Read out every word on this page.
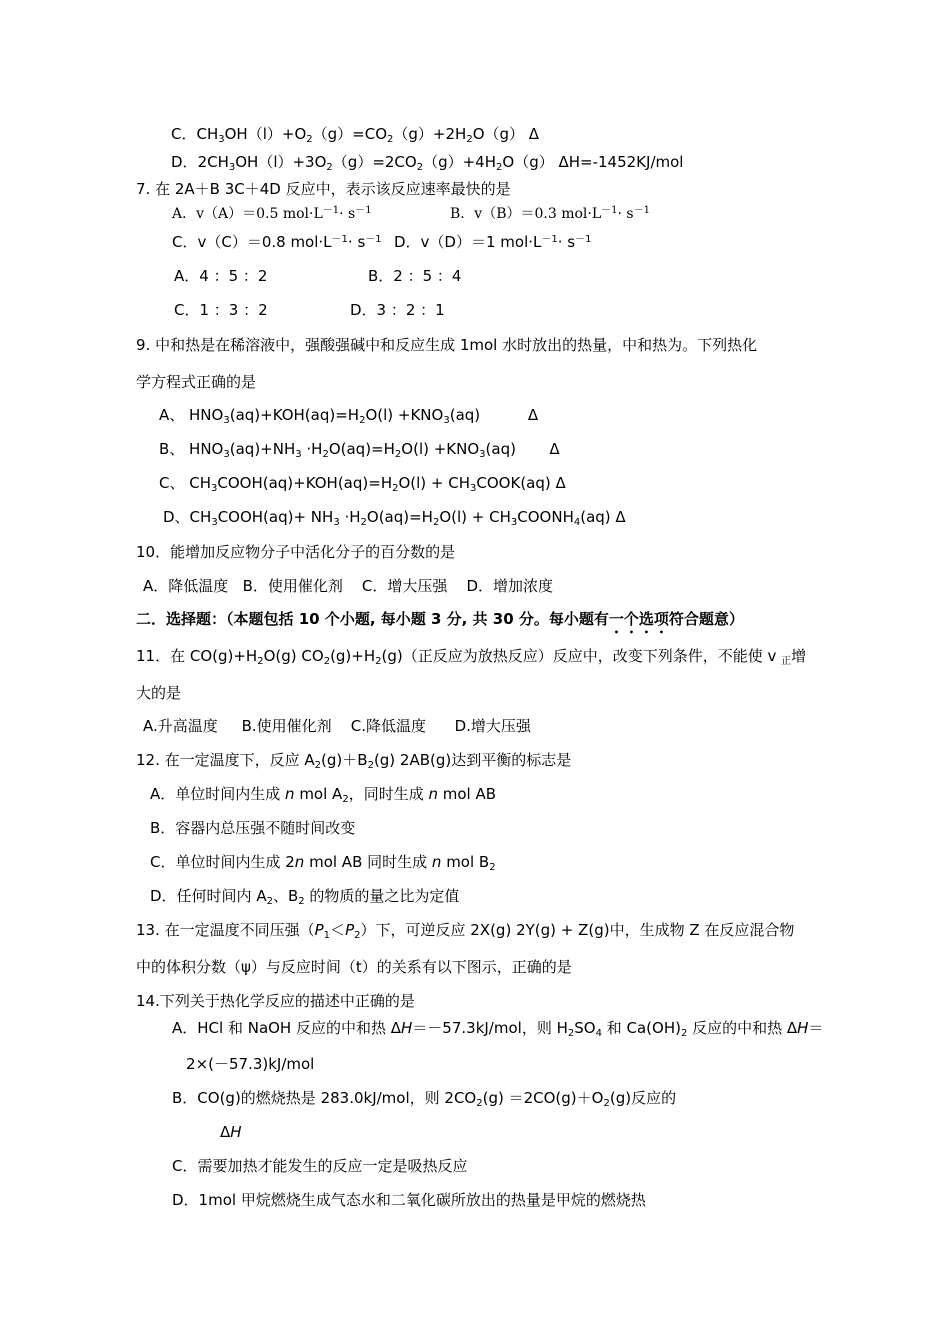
C．$CH_3OH(l)+O_2(g)=CO_2(g)+2H_2O(g)$ Δ
D．$2CH_3OH(l)+3O_2(g)=2CO_2(g)+4H_2O(g)$ ΔH=-1452KJ/mol
7. 在 2A＋B 3C＋4D 反应中，表示该反应速率最快的是
A．v（A）＝0.5 $mol\cdot L^{-1}\cdot s^{-1}$	B．v（B）＝0.3 $mol\cdot L^{-1}\cdot s^{-1}$
C．v（C）＝0.8 $mol\cdot L^{-1}\cdot s^{-1}$ D．v（D）＝1 $mol\cdot L^{-1}\cdot s^{-1}$
A．4 ：5 ：2	B．2 ：5 ：4
C．1 ：3 ：2	D．3 ：2 ：1
9. 中和热是在稀溶液中，强酸强碱中和反应生成 1mol 水时放出的热量，中和热为。下列热化
学方程式正确的是
A、 $HNO_3(aq)+KOH(aq)=H_2O(l) +KNO_3(aq)$          Δ
B、 $HNO_3(aq)+NH_3 \cdot H_2O(aq)=H_2O(l) +KNO_3(aq)$       Δ
C、 $CH_3COOH(aq)+KOH(aq)=H_2O(l)$ + $CH_3COOK(aq)$ Δ
D、$CH_3COOH(aq)+ NH_3 \cdot H_2O(aq)=H_2O(l)$ + $CH_3COONH_4(aq)$ Δ
10．能增加反应物分子中活化分子的百分数的是
A．降低温度   B．使用催化剂    C．增大压强    D．增加浓度
二．选择题：（本题包括 10 个小题, 每小题 3 分, 共 30 分。每小题有一个选项符合题意）
11．在 $CO(g)+H_2O(g)$ $CO_2(g)+H_2(g)$（正反应为放热反应）反应中，改变下列条件，不能使 v $_正$增
大的是
A.升高温度     B.使用催化剂    C.降低温度      D.增大压强
12. 在一定温度下，反应 $A_2(g)+B_2(g)$ 2AB(g)达到平衡的标志是
A．单位时间内生成 n mol $A_2$，同时生成 n mol AB
B．容器内总压强不随时间改变
C．单位时间内生成 2n mol AB 同时生成 n mol $B_2$
D．任何时间内 $A_2$、$B_2$ 的物质的量之比为定值
13. 在一定温度不同压强$(P_1<P_2)$下，可逆反应 2X(g) 2Y(g) + Z(g)中，生成物 Z 在反应混合物
中的体积分数（ψ）与反应时间（t）的关系有以下图示，正确的是
14.下列关于热化学反应的描述中正确的是
A．HCl 和 NaOH 反应的中和热 ΔH＝－57.3kJ/mol，则 $H_2SO_4$ 和 $Ca(OH)_2$ 反应的中和热 ΔH＝
2×(－57.3)kJ/mol
B．CO(g)的燃烧热是 283.0kJ/mol，则 $2CO_2(g) =2CO(g)+O_2(g)$反应的
ΔH
C．需要加热才能发生的反应一定是吸热反应
D．1mol 甲烷燃烧生成气态水和二氧化碳所放出的热量是甲烷的燃烧热
